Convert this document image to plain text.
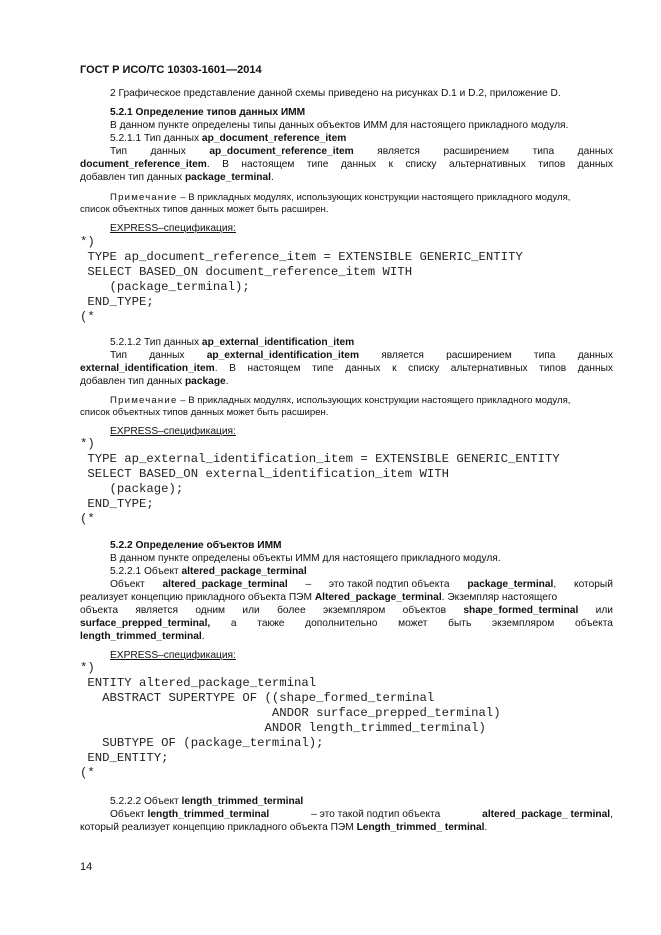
ГОСТ Р ИСО/ТС 10303-1601—2014
2 Графическое представление данной схемы приведено на рисунках D.1 и D.2, приложение D.
5.2.1 Определение типов данных ИММ
В данном пункте определены типы данных объектов ИММ для настоящего прикладного модуля.
5.2.1.1 Тип данных ap_document_reference_item
Тип данных ap_document_reference_item является расширением типа данных
document_reference_item. В настоящем типе данных к списку альтернативных типов данных
добавлен тип данных package_terminal.
Примечание – В прикладных модулях, использующих конструкции настоящего прикладного модуля,
список объектных типов данных может быть расширен.
EXPRESS–спецификация:
*)
TYPE ap_document_reference_item = EXTENSIBLE GENERIC_ENTITY
SELECT BASED_ON document_reference_item WITH
(package_terminal);
END_TYPE;
(*
5.2.1.2 Тип данных ap_external_identification_item
Тип данных ap_external_identification_item является расширением типа данных
external_identification_item. В настоящем типе данных к списку альтернативных типов данных
добавлен тип данных package.
Примечание – В прикладных модулях, использующих конструкции настоящего прикладного модуля,
список объектных типов данных может быть расширен.
EXPRESS–спецификация:
*)
TYPE ap_external_identification_item = EXTENSIBLE GENERIC_ENTITY
SELECT BASED_ON external_identification_item WITH
(package);
END_TYPE;
(*
5.2.2 Определение объектов ИММ
В данном пункте определены объекты ИММ для настоящего прикладного модуля.
5.2.2.1 Объект altered_package_terminal
Объект altered_package_terminal – это такой подтип объекта package_terminal, который
реализует концепцию прикладного объекта ПЭМ Altered_package_terminal. Экземпляр настоящего
объекта является одним или более экземпляром объектов shape_formed_terminal или
surface_prepped_terminal, а также дополнительно может быть экземпляром объекта
length_trimmed_terminal.
EXPRESS–спецификация:
*)
ENTITY altered_package_terminal
ABSTRACT SUPERTYPE OF ((shape_formed_terminal
ANDOR surface_prepped_terminal)
ANDOR length_trimmed_terminal)
SUBTYPE OF (package_terminal);
END_ENTITY;
(*
5.2.2.2 Объект length_trimmed_terminal
Объект length_trimmed_terminal	– это такой подтип объекта	altered_package_ terminal,
который реализует концепцию прикладного объекта ПЭМ Length_trimmed_ terminal.
14
